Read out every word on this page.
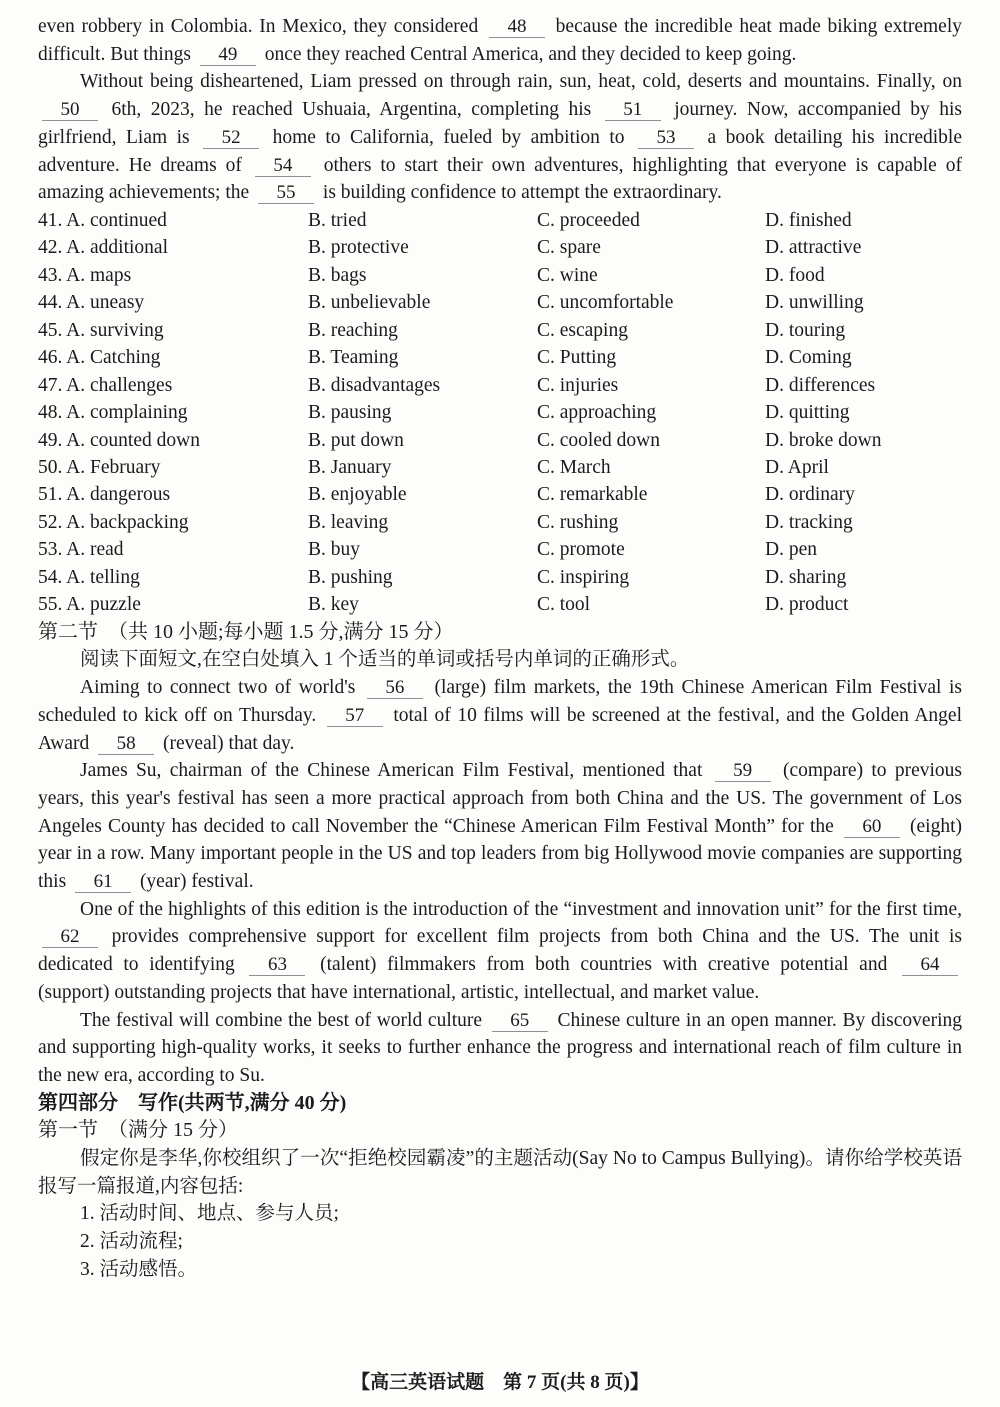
even robbery in Colombia. In Mexico, they considered 48 because the incredible heat made biking extremely difficult. But things 49 once they reached Central America, and they decided to keep going.
Without being disheartened, Liam pressed on through rain, sun, heat, cold, deserts and mountains. Finally, on 50 6th, 2023, he reached Ushuaia, Argentina, completing his 51 journey. Now, accompanied by his girlfriend, Liam is 52 home to California, fueled by ambition to 53 a book detailing his incredible adventure. He dreams of 54 others to start their own adventures, highlighting that everyone is capable of amazing achievements; the 55 is building confidence to attempt the extraordinary.
41. A. continued	B. tried	C. proceeded	D. finished
42. A. additional	B. protective	C. spare	D. attractive
43. A. maps	B. bags	C. wine	D. food
44. A. uneasy	B. unbelievable	C. uncomfortable	D. unwilling
45. A. surviving	B. reaching	C. escaping	D. touring
46. A. Catching	B. Teaming	C. Putting	D. Coming
47. A. challenges	B. disadvantages	C. injuries	D. differences
48. A. complaining	B. pausing	C. approaching	D. quitting
49. A. counted down	B. put down	C. cooled down	D. broke down
50. A. February	B. January	C. March	D. April
51. A. dangerous	B. enjoyable	C. remarkable	D. ordinary
52. A. backpacking	B. leaving	C. rushing	D. tracking
53. A. read	B. buy	C. promote	D. pen
54. A. telling	B. pushing	C. inspiring	D. sharing
55. A. puzzle	B. key	C. tool	D. product
第二节　（共 10 小题;每小题 1.5 分,满分 15 分）
阅读下面短文,在空白处填入 1 个适当的单词或括号内单词的正确形式。
Aiming to connect two of world's 56 (large) film markets, the 19th Chinese American Film Festival is scheduled to kick off on Thursday. 57 total of 10 films will be screened at the festival, and the Golden Angel Award 58 (reveal) that day.
James Su, chairman of the Chinese American Film Festival, mentioned that 59 (compare) to previous years, this year's festival has seen a more practical approach from both China and the US. The government of Los Angeles County has decided to call November the “Chinese American Film Festival Month” for the 60 (eight) year in a row. Many important people in the US and top leaders from big Hollywood movie companies are supporting this 61 (year) festival.
One of the highlights of this edition is the introduction of the “investment and innovation unit” for the first time, 62 provides comprehensive support for excellent film projects from both China and the US. The unit is dedicated to identifying 63 (talent) filmmakers from both countries with creative potential and 64 (support) outstanding projects that have international, artistic, intellectual, and market value.
The festival will combine the best of world culture 65 Chinese culture in an open manner. By discovering and supporting high-quality works, it seeks to further enhance the progress and international reach of film culture in the new era, according to Su.
第四部分　写作(共两节,满分 40 分)
第一节　（满分 15 分）
假定你是李华,你校组织了一次“拒绝校园霸凌”的主题活动(Say No to Campus Bullying)。请你给学校英语报写一篇报道,内容包括:
1. 活动时间、地点、参与人员;
2. 活动流程;
3. 活动感悟。
【高三英语试题　第 7 页(共 8 页)】
